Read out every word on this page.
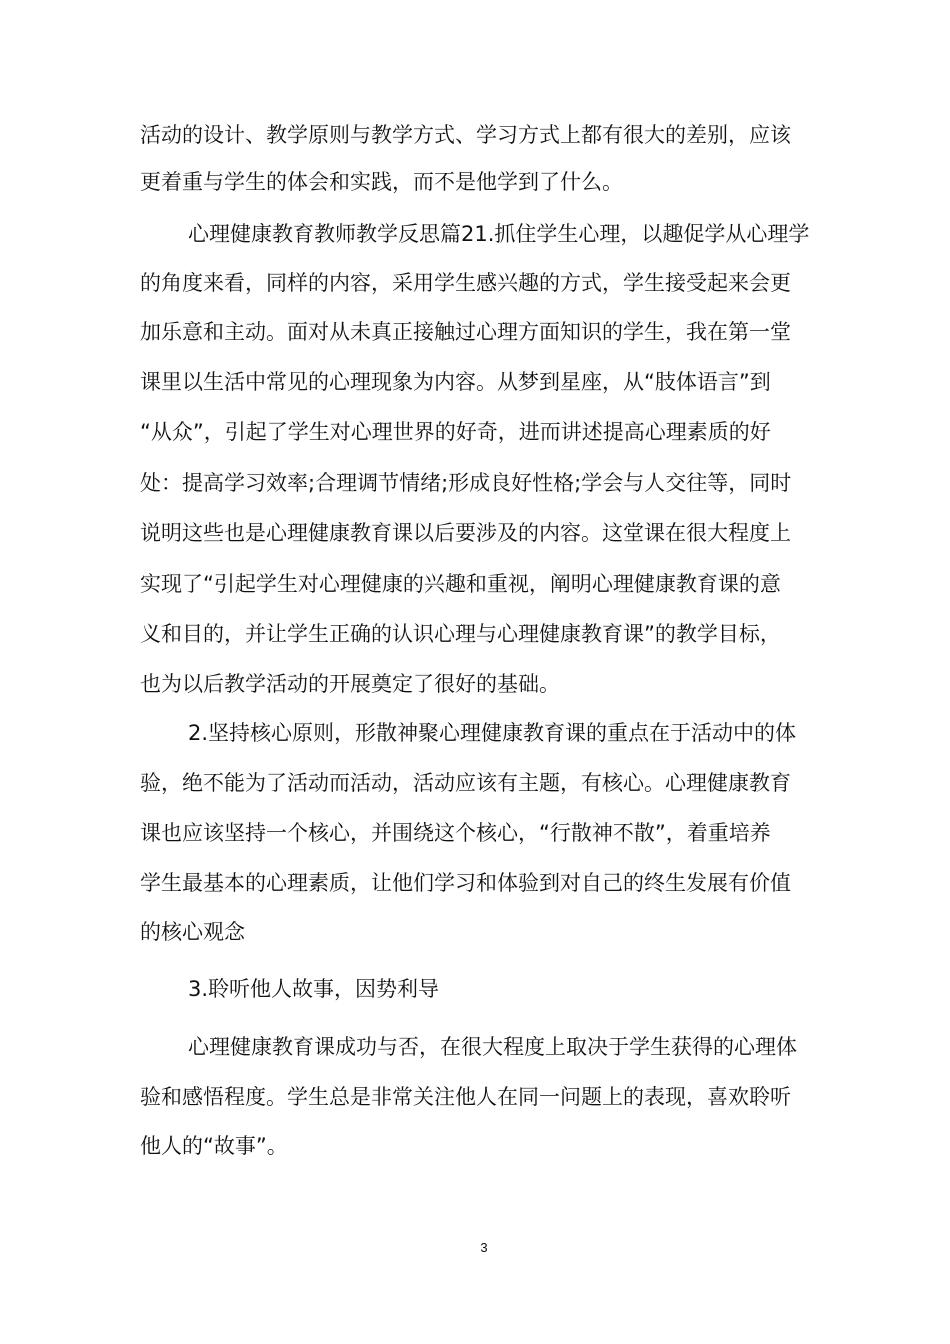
活动的设计、教学原则与教学方式、学习方式上都有很大的差别，应该
更着重与学生的体会和实践，而不是他学到了什么。
心理健康教育教师教学反思篇21.抓住学生心理，以趣促学从心理学
的角度来看，同样的内容，采用学生感兴趣的方式，学生接受起来会更
加乐意和主动。面对从未真正接触过心理方面知识的学生，我在第一堂
课里以生活中常见的心理现象为内容。从梦到星座，从“肢体语言”到
“从众”，引起了学生对心理世界的好奇，进而讲述提高心理素质的好
处：提高学习效率;合理调节情绪;形成良好性格;学会与人交往等，同时
说明这些也是心理健康教育课以后要涉及的内容。这堂课在很大程度上
实现了“引起学生对心理健康的兴趣和重视，阐明心理健康教育课的意
义和目的，并让学生正确的认识心理与心理健康教育课”的教学目标，
也为以后教学活动的开展奠定了很好的基础。
2.坚持核心原则，形散神聚心理健康教育课的重点在于活动中的体
验，绝不能为了活动而活动，活动应该有主题，有核心。心理健康教育
课也应该坚持一个核心，并围绕这个核心，“行散神不散”，着重培养
学生最基本的心理素质，让他们学习和体验到对自己的终生发展有价值
的核心观念
3.聆听他人故事，因势利导
心理健康教育课成功与否，在很大程度上取决于学生获得的心理体
验和感悟程度。学生总是非常关注他人在同一问题上的表现，喜欢聆听
他人的“故事”。
3
